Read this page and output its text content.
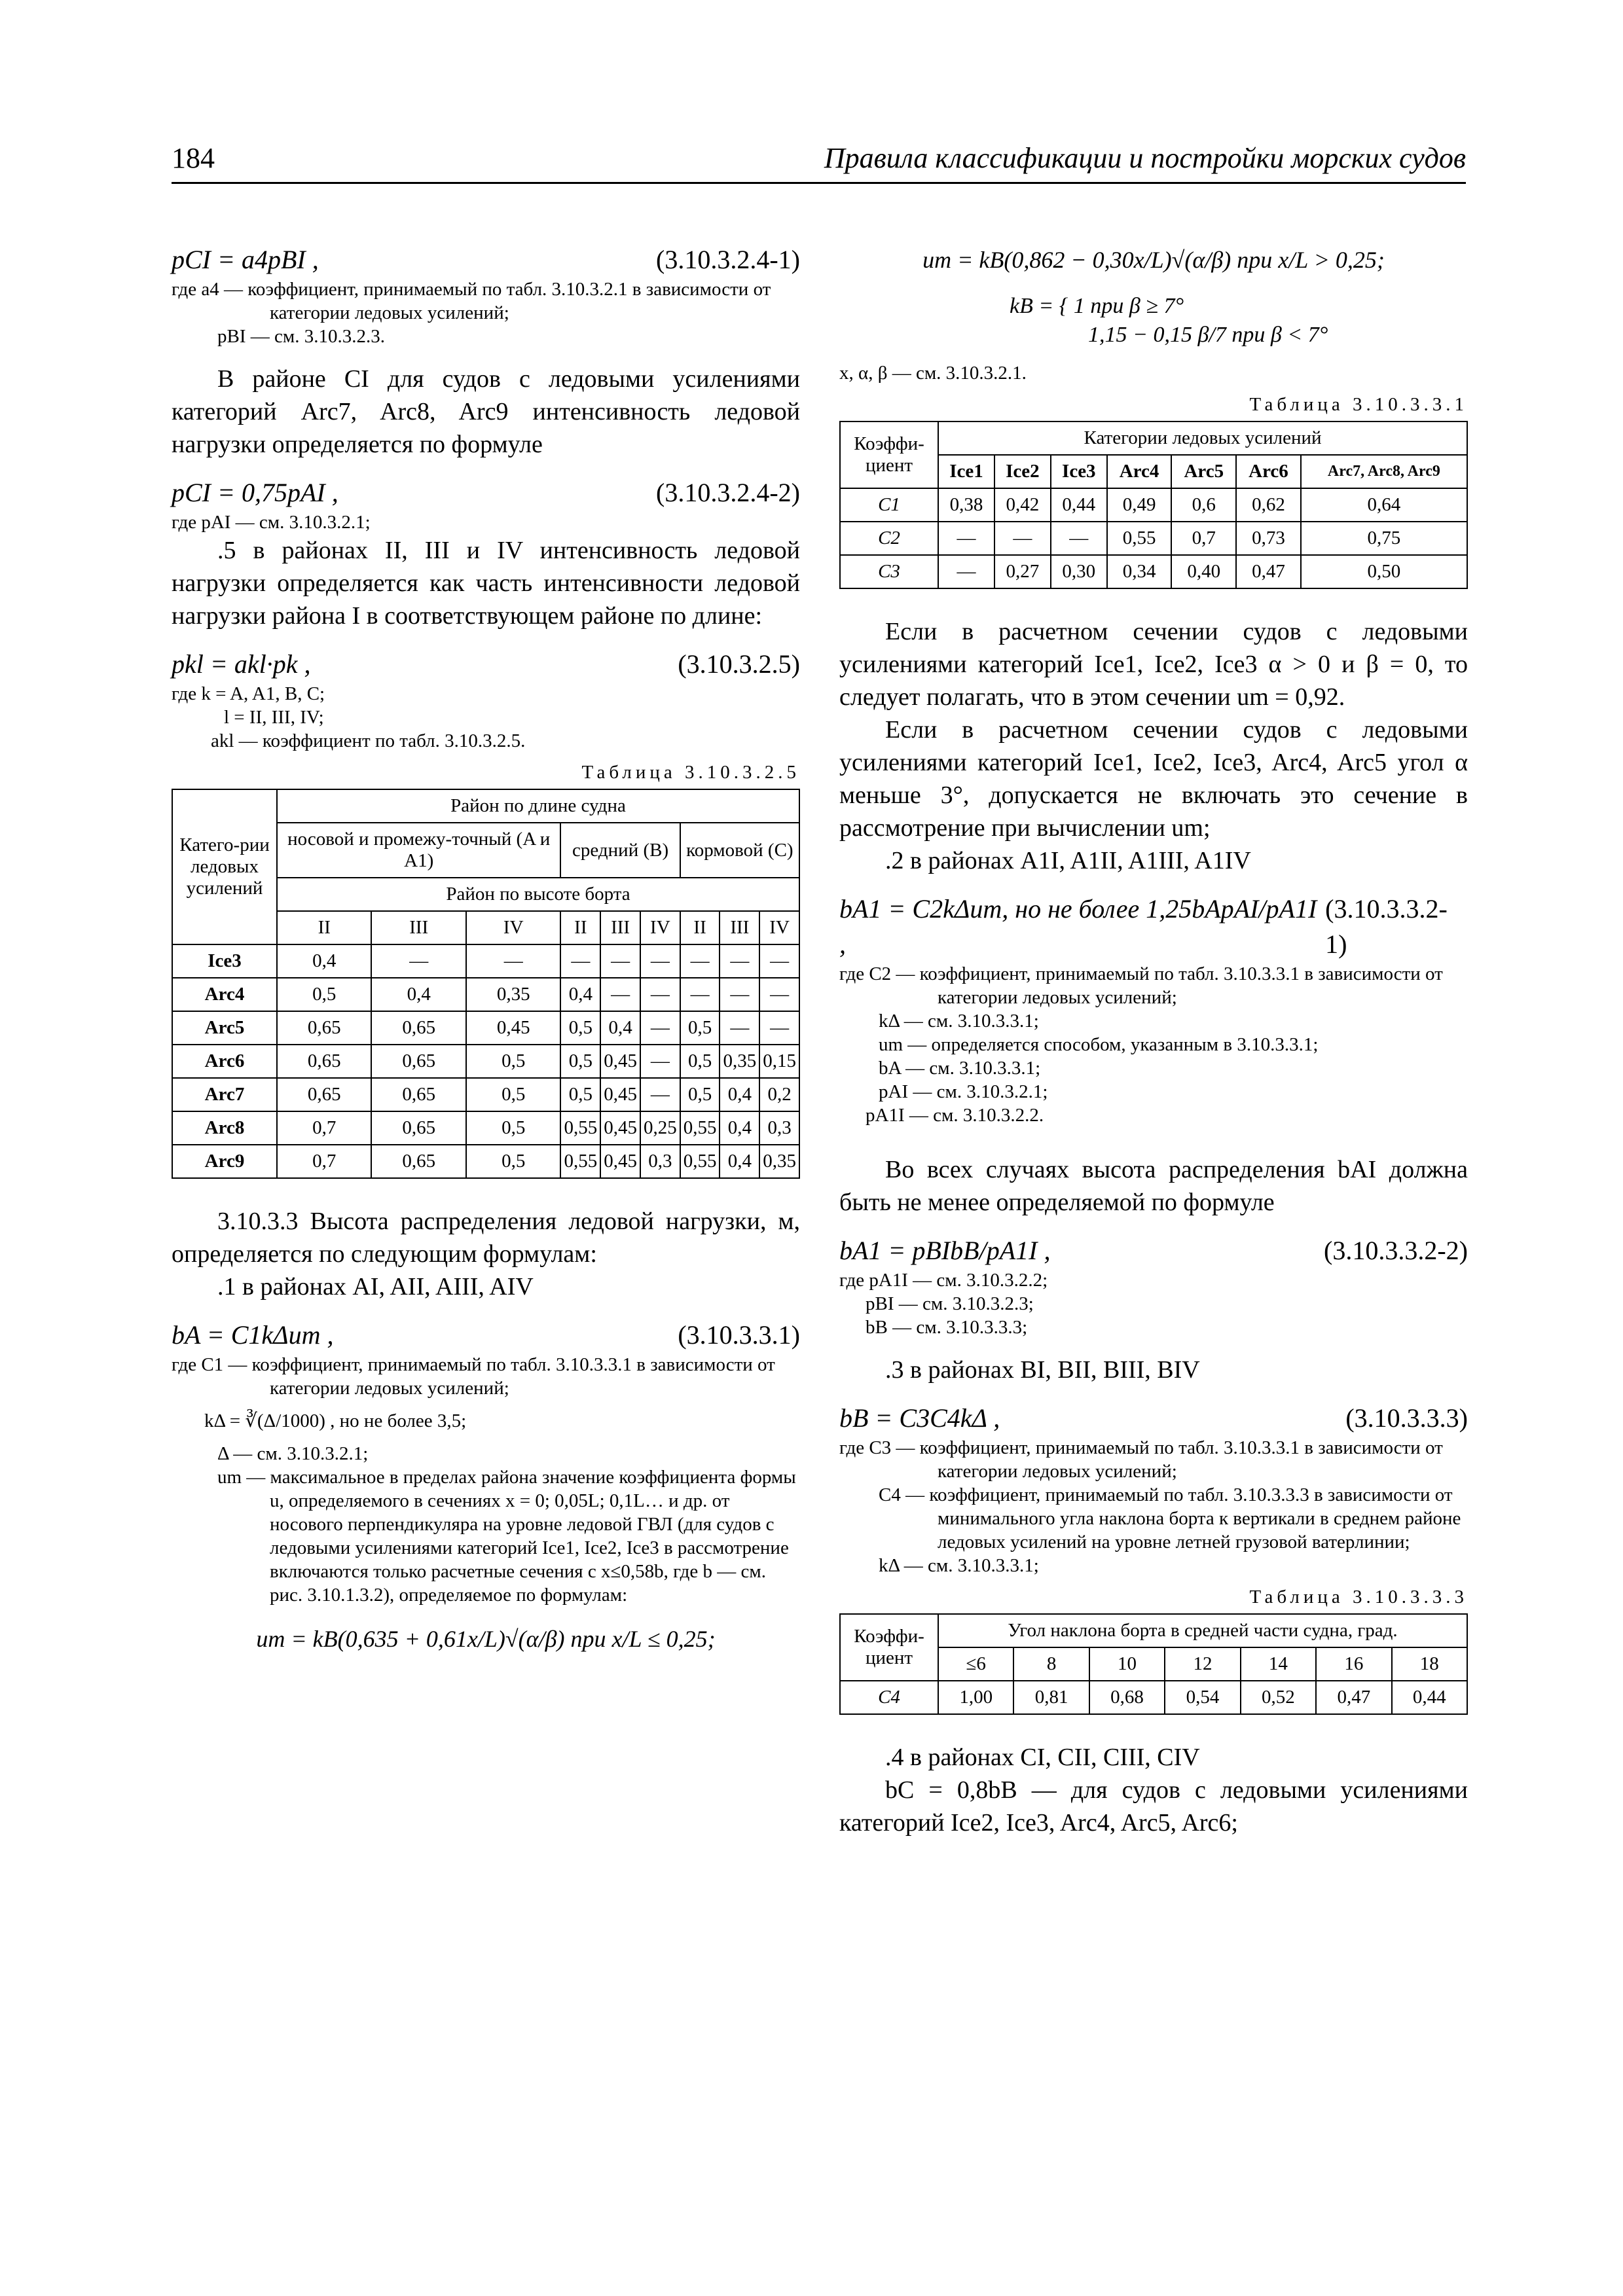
184	Правила классификации и постройки морских судов
pCI = a4pBI ,	(3.10.3.2.4-1)

где a4 — коэффициент, принимаемый по табл. 3.10.3.2.1 в зависимости от категории ледовых усилений;

pBI — см. 3.10.3.2.3.

В районе CI для судов с ледовыми усилениями категорий Arc7, Arc8, Arc9 интенсивность ледовой нагрузки определяется по формуле

pCI = 0,75pAI ,	(3.10.3.2.4-2)

где pAI — см. 3.10.3.2.1;

.5 в районах II, III и IV интенсивность ледовой нагрузки определяется как часть интенсивности ледовой нагрузки района I в соответствующем районе по длине:

pkl = akl·pk ,	(3.10.3.2.5)

где k = A, A1, B, C;

l = II, III, IV;

akl — коэффициент по табл. 3.10.3.2.5.

Таблица 3.10.3.2.5
Катего-рии ледовых усилений	Район по длине судна								
	носовой и промежу-точный (A и A1)			средний (B)			кормовой (C)		
	Район по высоте борта								
	II	III	IV	II	III	IV	II	III	IV
Ice3	0,4	—	—	—	—	—	—	—	—
Arc4	0,5	0,4	0,35	0,4	—	—	—	—	—
Arc5	0,65	0,65	0,45	0,5	0,4	—	0,5	—	—
Arc6	0,65	0,65	0,5	0,5	0,45	—	0,5	0,35	0,15
Arc7	0,65	0,65	0,5	0,5	0,45	—	0,5	0,4	0,2
Arc8	0,7	0,65	0,5	0,55	0,45	0,25	0,55	0,4	0,3
Arc9	0,7	0,65	0,5	0,55	0,45	0,3	0,55	0,4	0,35

3.10.3.3 Высота распределения ледовой нагрузки, м, определяется по следующим формулам:

.1 в районах AI, AII, AIII, AIV

bA = C1kΔum ,	(3.10.3.3.1)

где C1 — коэффициент, принимаемый по табл. 3.10.3.3.1 в зависимости от категории ледовых усилений;

kΔ = ∛(Δ/1000) , но не более 3,5;

Δ — см. 3.10.3.2.1;

um — максимальное в пределах района значение коэффициента формы u, определяемого в сечениях x = 0; 0,05L; 0,1L… и др. от носового перпендикуляра на уровне ледовой ГВЛ (для судов с ледовыми усилениями категорий Ice1, Ice2, Ice3 в рассмотрение включаются только расчетные сечения с x≤0,58b, где b — см. рис. 3.10.1.3.2), определяемое по формулам:

um = kB(0,635 + 0,61x/L)√(α/β) при x/L ≤ 0,25;

um = kB(0,862 − 0,30x/L)√(α/β) при x/L > 0,25;

kB = { 1 при β ≥ 7°

1,15 − 0,15 β/7 при β < 7°

x, α, β — см. 3.10.3.2.1.

Таблица 3.10.3.3.1
Коэффи-циент	Категории ледовых усилений						
	Ice1	Ice2	Ice3	Arc4	Arc5	Arc6	Arc7, Arc8, Arc9
C1	0,38	0,42	0,44	0,49	0,6	0,62	0,64
C2	—	—	—	0,55	0,7	0,73	0,75
C3	—	0,27	0,30	0,34	0,40	0,47	0,50

Если в расчетном сечении судов с ледовыми усилениями категорий Ice1, Ice2, Ice3 α > 0 и β = 0, то следует полагать, что в этом сечении um = 0,92.

Если в расчетном сечении судов с ледовыми усилениями категорий Ice1, Ice2, Ice3, Arc4, Arc5 угол α меньше 3°, допускается не включать это сечение в рассмотрение при вычислении um;

.2 в районах A1I, A1II, A1III, A1IV

bA1 = C2kΔum, но не более 1,25bApAI/pA1I ,
(3.10.3.3.2-1)

где C2 — коэффициент, принимаемый по табл. 3.10.3.3.1 в зависимости от категории ледовых усилений;

kΔ — см. 3.10.3.3.1;

um — определяется способом, указанным в 3.10.3.3.1;

bA — см. 3.10.3.3.1;

pAI — см. 3.10.3.2.1;

pA1I — см. 3.10.3.2.2.

Во всех случаях высота распределения bAI должна быть не менее определяемой по формуле

bA1 = pBIbB/pA1I ,	(3.10.3.3.2-2)

где pA1I — см. 3.10.3.2.2;

pBI — см. 3.10.3.2.3;

bB — см. 3.10.3.3.3;

.3 в районах BI, BII, BIII, BIV

bB = C3C4kΔ ,	(3.10.3.3.3)

где C3 — коэффициент, принимаемый по табл. 3.10.3.3.1 в зависимости от категории ледовых усилений;

C4 — коэффициент, принимаемый по табл. 3.10.3.3.3 в зависимости от минимального угла наклона борта к вертикали в среднем районе ледовых усилений на уровне летней грузовой ватерлинии;

kΔ — см. 3.10.3.3.1;

Таблица 3.10.3.3.3
Коэффи-циент	Угол наклона борта в средней части судна, град.						
	≤6	8	10	12	14	16	18
C4	1,00	0,81	0,68	0,54	0,52	0,47	0,44

.4 в районах CI, CII, CIII, CIV

bC = 0,8bB — для судов с ледовыми усилениями категорий Ice2, Ice3, Arc4, Arc5, Arc6;
